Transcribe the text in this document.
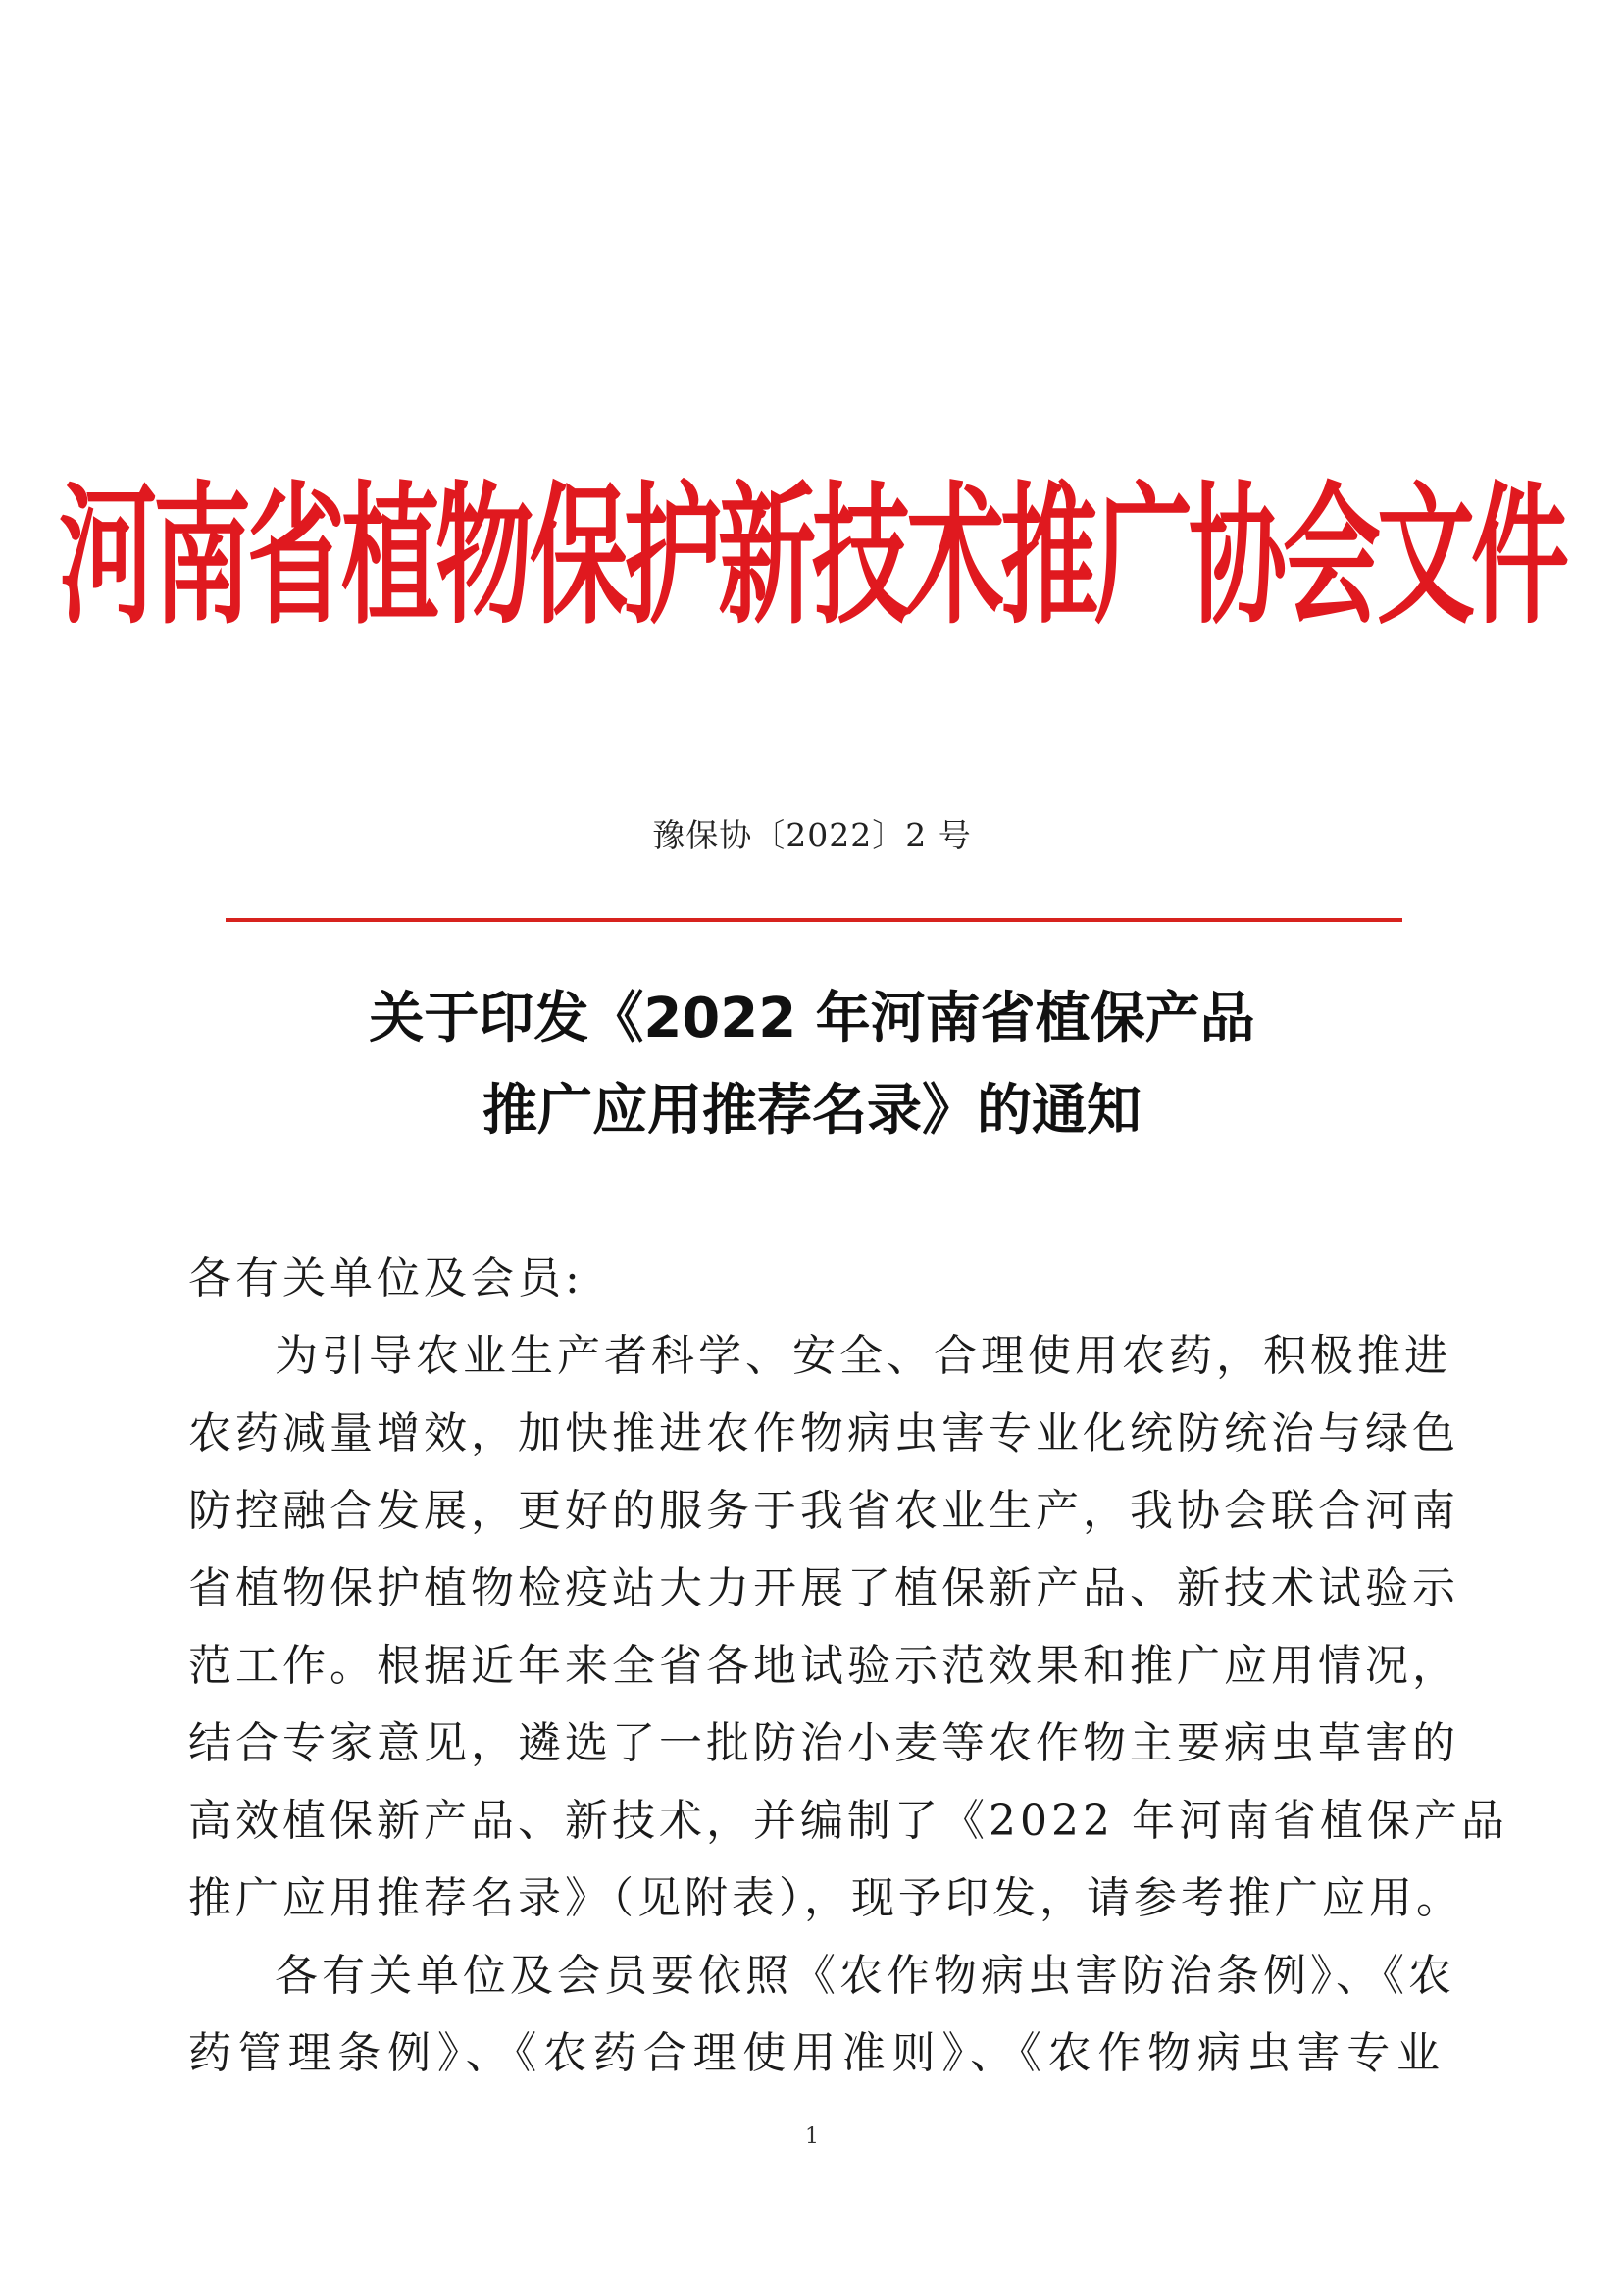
河南省植物保护新技术推广协会文件
豫保协〔2022〕2 号
关于印发《2022 年河南省植保产品
推广应用推荐名录》的通知
各有关单位及会员:
为引导农业生产者科学、安全、合理使用农药，积极推进
农药减量增效，加快推进农作物病虫害专业化统防统治与绿色
防控融合发展，更好的服务于我省农业生产，我协会联合河南
省植物保护植物检疫站大力开展了植保新产品、新技术试验示
范工作。根据近年来全省各地试验示范效果和推广应用情况，
结合专家意见，遴选了一批防治小麦等农作物主要病虫草害的
高效植保新产品、新技术，并编制了《2022 年河南省植保产品
推广应用推荐名录》（见附表），现予印发，请参考推广应用。
各有关单位及会员要依照《农作物病虫害防治条例》、《农
药管理条例》、《农药合理使用准则》、《农作物病虫害专业
1
